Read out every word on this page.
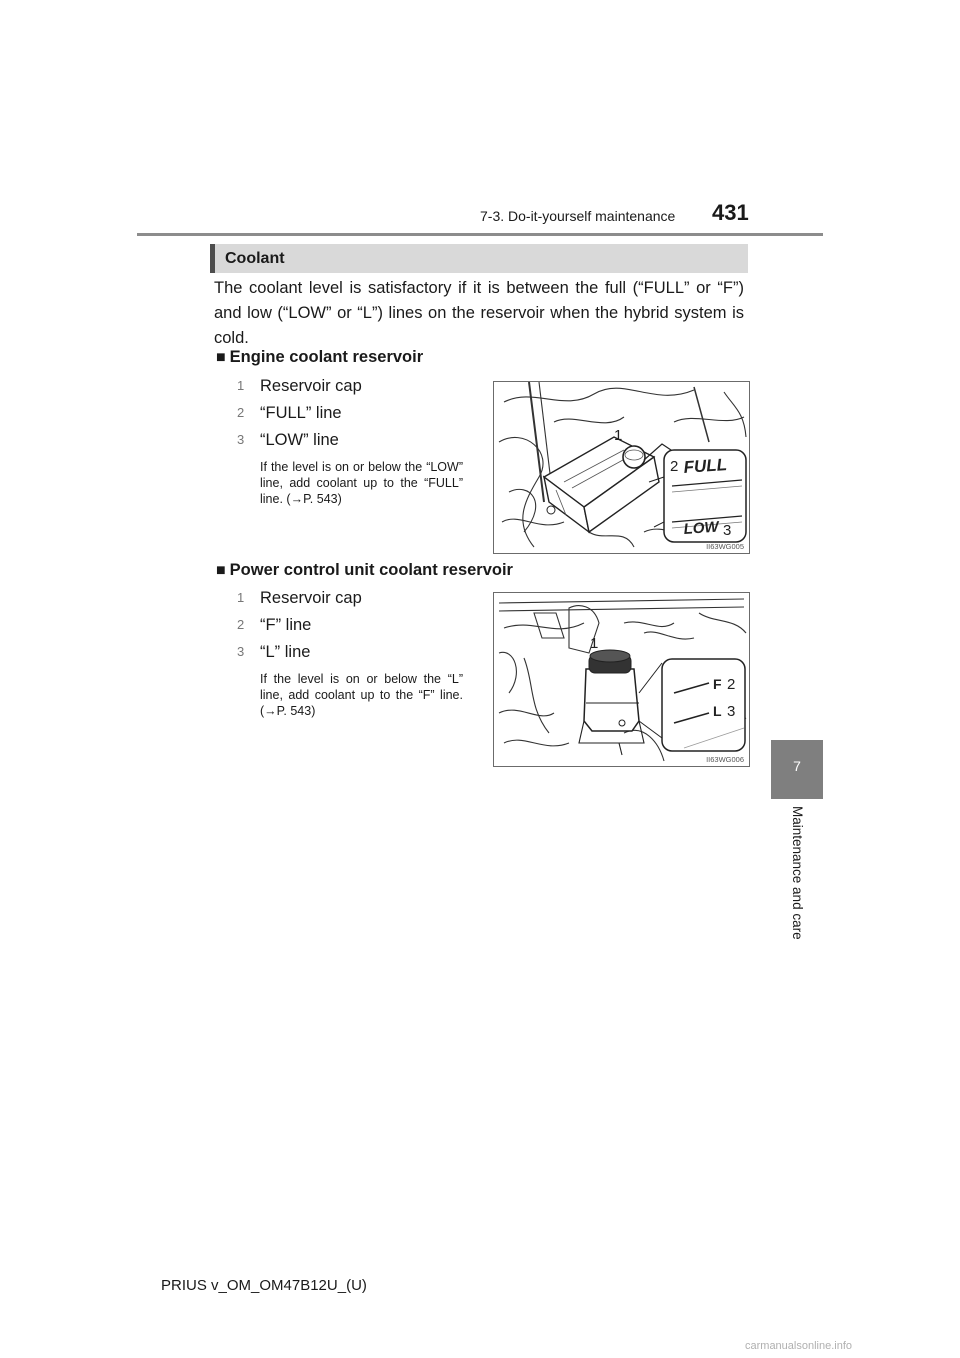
7-3. Do-it-yourself maintenance 431
7
Maintenance and care
Coolant
The coolant level is satisfactory if it is between the full (“FULL” or “F”) and low (“LOW” or “L”) lines on the reservoir when the hybrid system is cold.
■ Engine coolant reservoir
1 Reservoir cap
2 “FULL” line
3 “LOW” line
If the level is on or below the “LOW” line, add coolant up to the “FULL” line. (→P. 543)
1
2 FULL
LOW 3
II63WG005
■ Power control unit coolant reservoir
1 Reservoir cap
2 “F” line
3 “L” line
If the level is on or below the “L” line, add coolant up to the “F” line. (→P. 543)
1
F 2
L 3
II63WG006
PRIUS v_OM_OM47B12U_(U)
carmanualsonline.info
